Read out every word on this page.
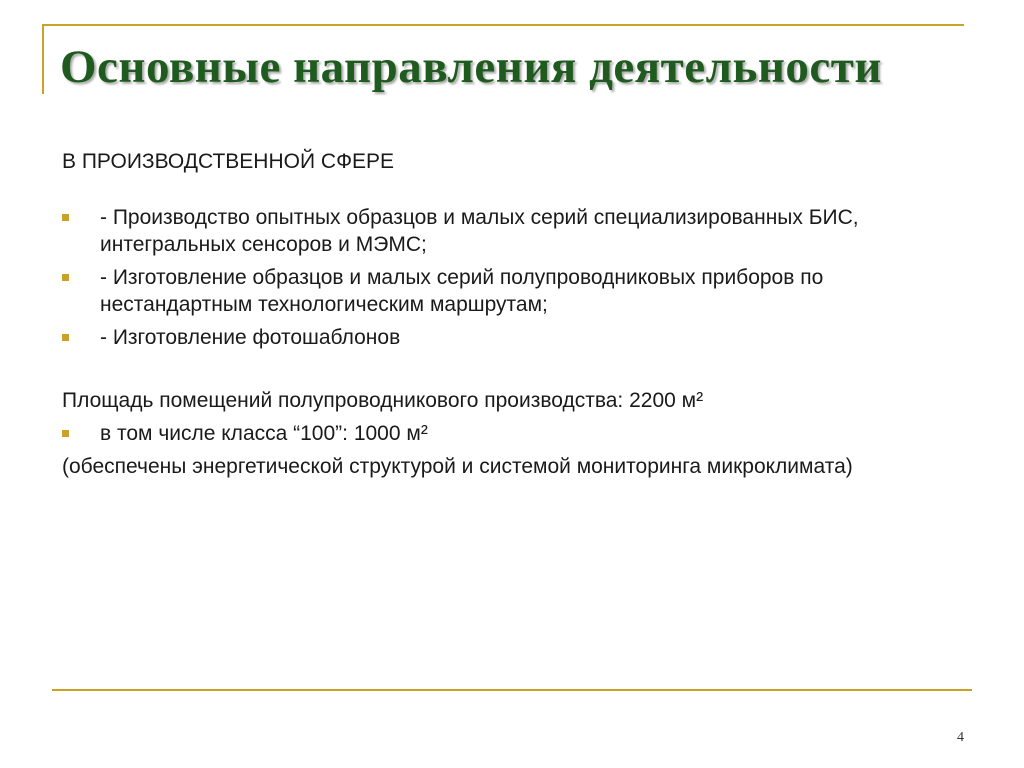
Основные направления деятельности
В ПРОИЗВОДСТВЕННОЙ СФЕРЕ
- Производство опытных образцов и малых серий специализированных БИС, интегральных сенсоров и МЭМС;
- Изготовление образцов и малых серий полупроводниковых приборов по нестандартным технологическим маршрутам;
- Изготовление фотошаблонов

Площадь помещений полупроводникового производства: 2200 м²

в том числе класса “100”: 1000 м²

(обеспечены энергетической структурой и системой мониторинга микроклимата)

4
